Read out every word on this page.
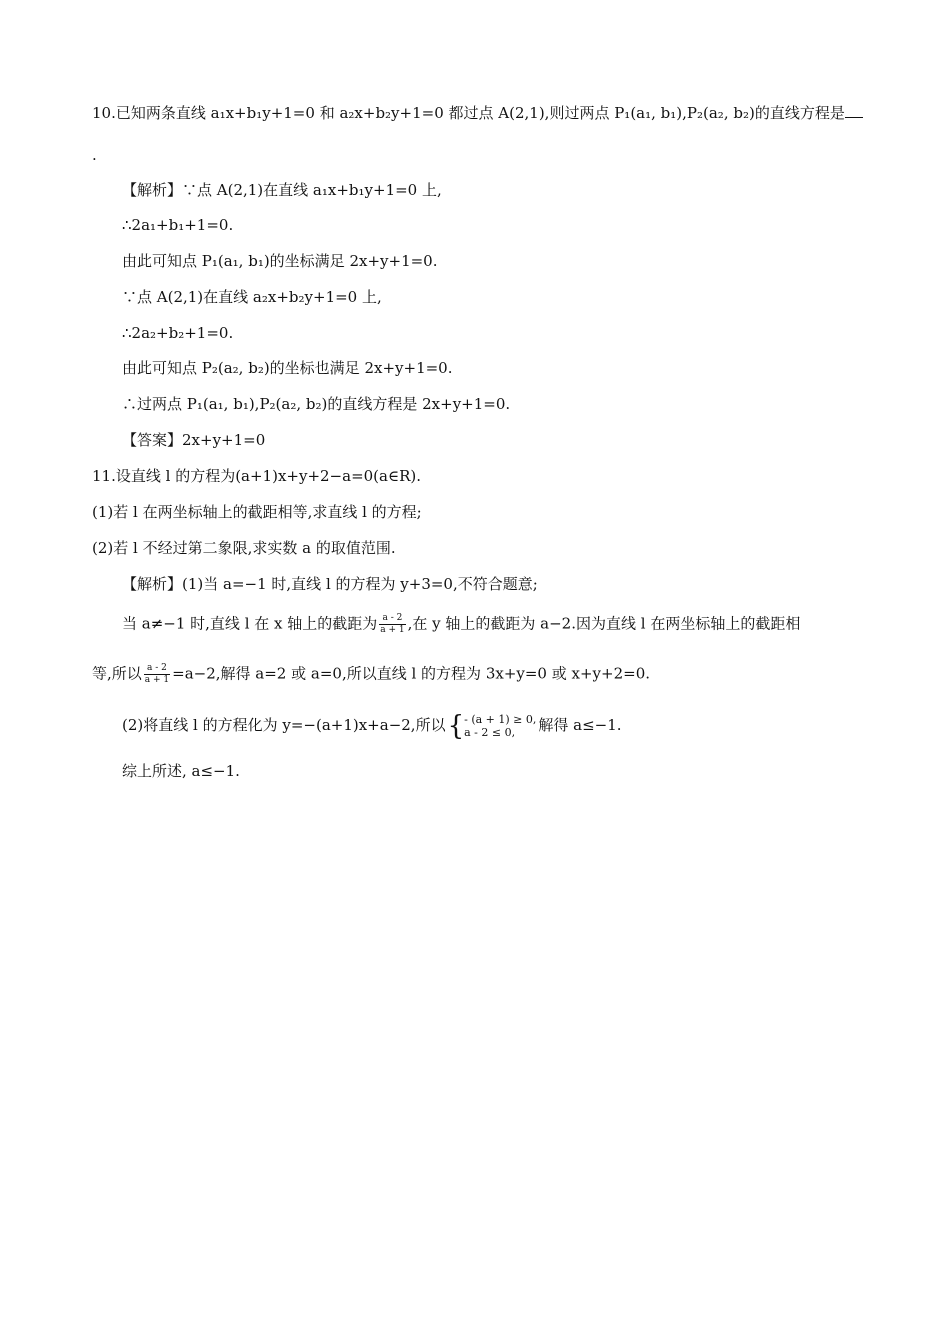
10.已知两条直线 a₁x+b₁y+1=0 和 a₂x+b₂y+1=0 都过点 A(2,1),则过两点 P₁(a₁, b₁),P₂(a₂, b₂)的直线方程是
.
【解析】∵点 A(2,1)在直线 a₁x+b₁y+1=0 上,
∴2a₁+b₁+1=0.
由此可知点 P₁(a₁, b₁)的坐标满足 2x+y+1=0.
∵点 A(2,1)在直线 a₂x+b₂y+1=0 上,
∴2a₂+b₂+1=0.
由此可知点 P₂(a₂, b₂)的坐标也满足 2x+y+1=0.
∴过两点 P₁(a₁, b₁),P₂(a₂, b₂)的直线方程是 2x+y+1=0.
【答案】2x+y+1=0
11.设直线 l 的方程为(a+1)x+y+2−a=0(a∈R).
(1)若 l 在两坐标轴上的截距相等,求直线 l 的方程;
(2)若 l 不经过第二象限,求实数 a 的取值范围.
【解析】(1)当 a=−1 时,直线 l 的方程为 y+3=0,不符合题意;
当 a≠−1 时,直线 l 在 x 轴上的截距为 $\frac{a - 2}{a + 1}$ ,在 y 轴上的截距为 a−2.因为直线 l 在两坐标轴上的截距相
等,所以 $\frac{a - 2}{a + 1} =a-2$,解得 a=2 或 a=0,所以直线 l 的方程为 3x+y=0 或 x+y+2=0.
(2)将直线 l 的方程化为 y=−(a+1)x+a−2,所以 { - (a + 1) ≥ 0,
a - 2 ≤ 0,	解得 a≤−1.
综上所述, a≤−1.
